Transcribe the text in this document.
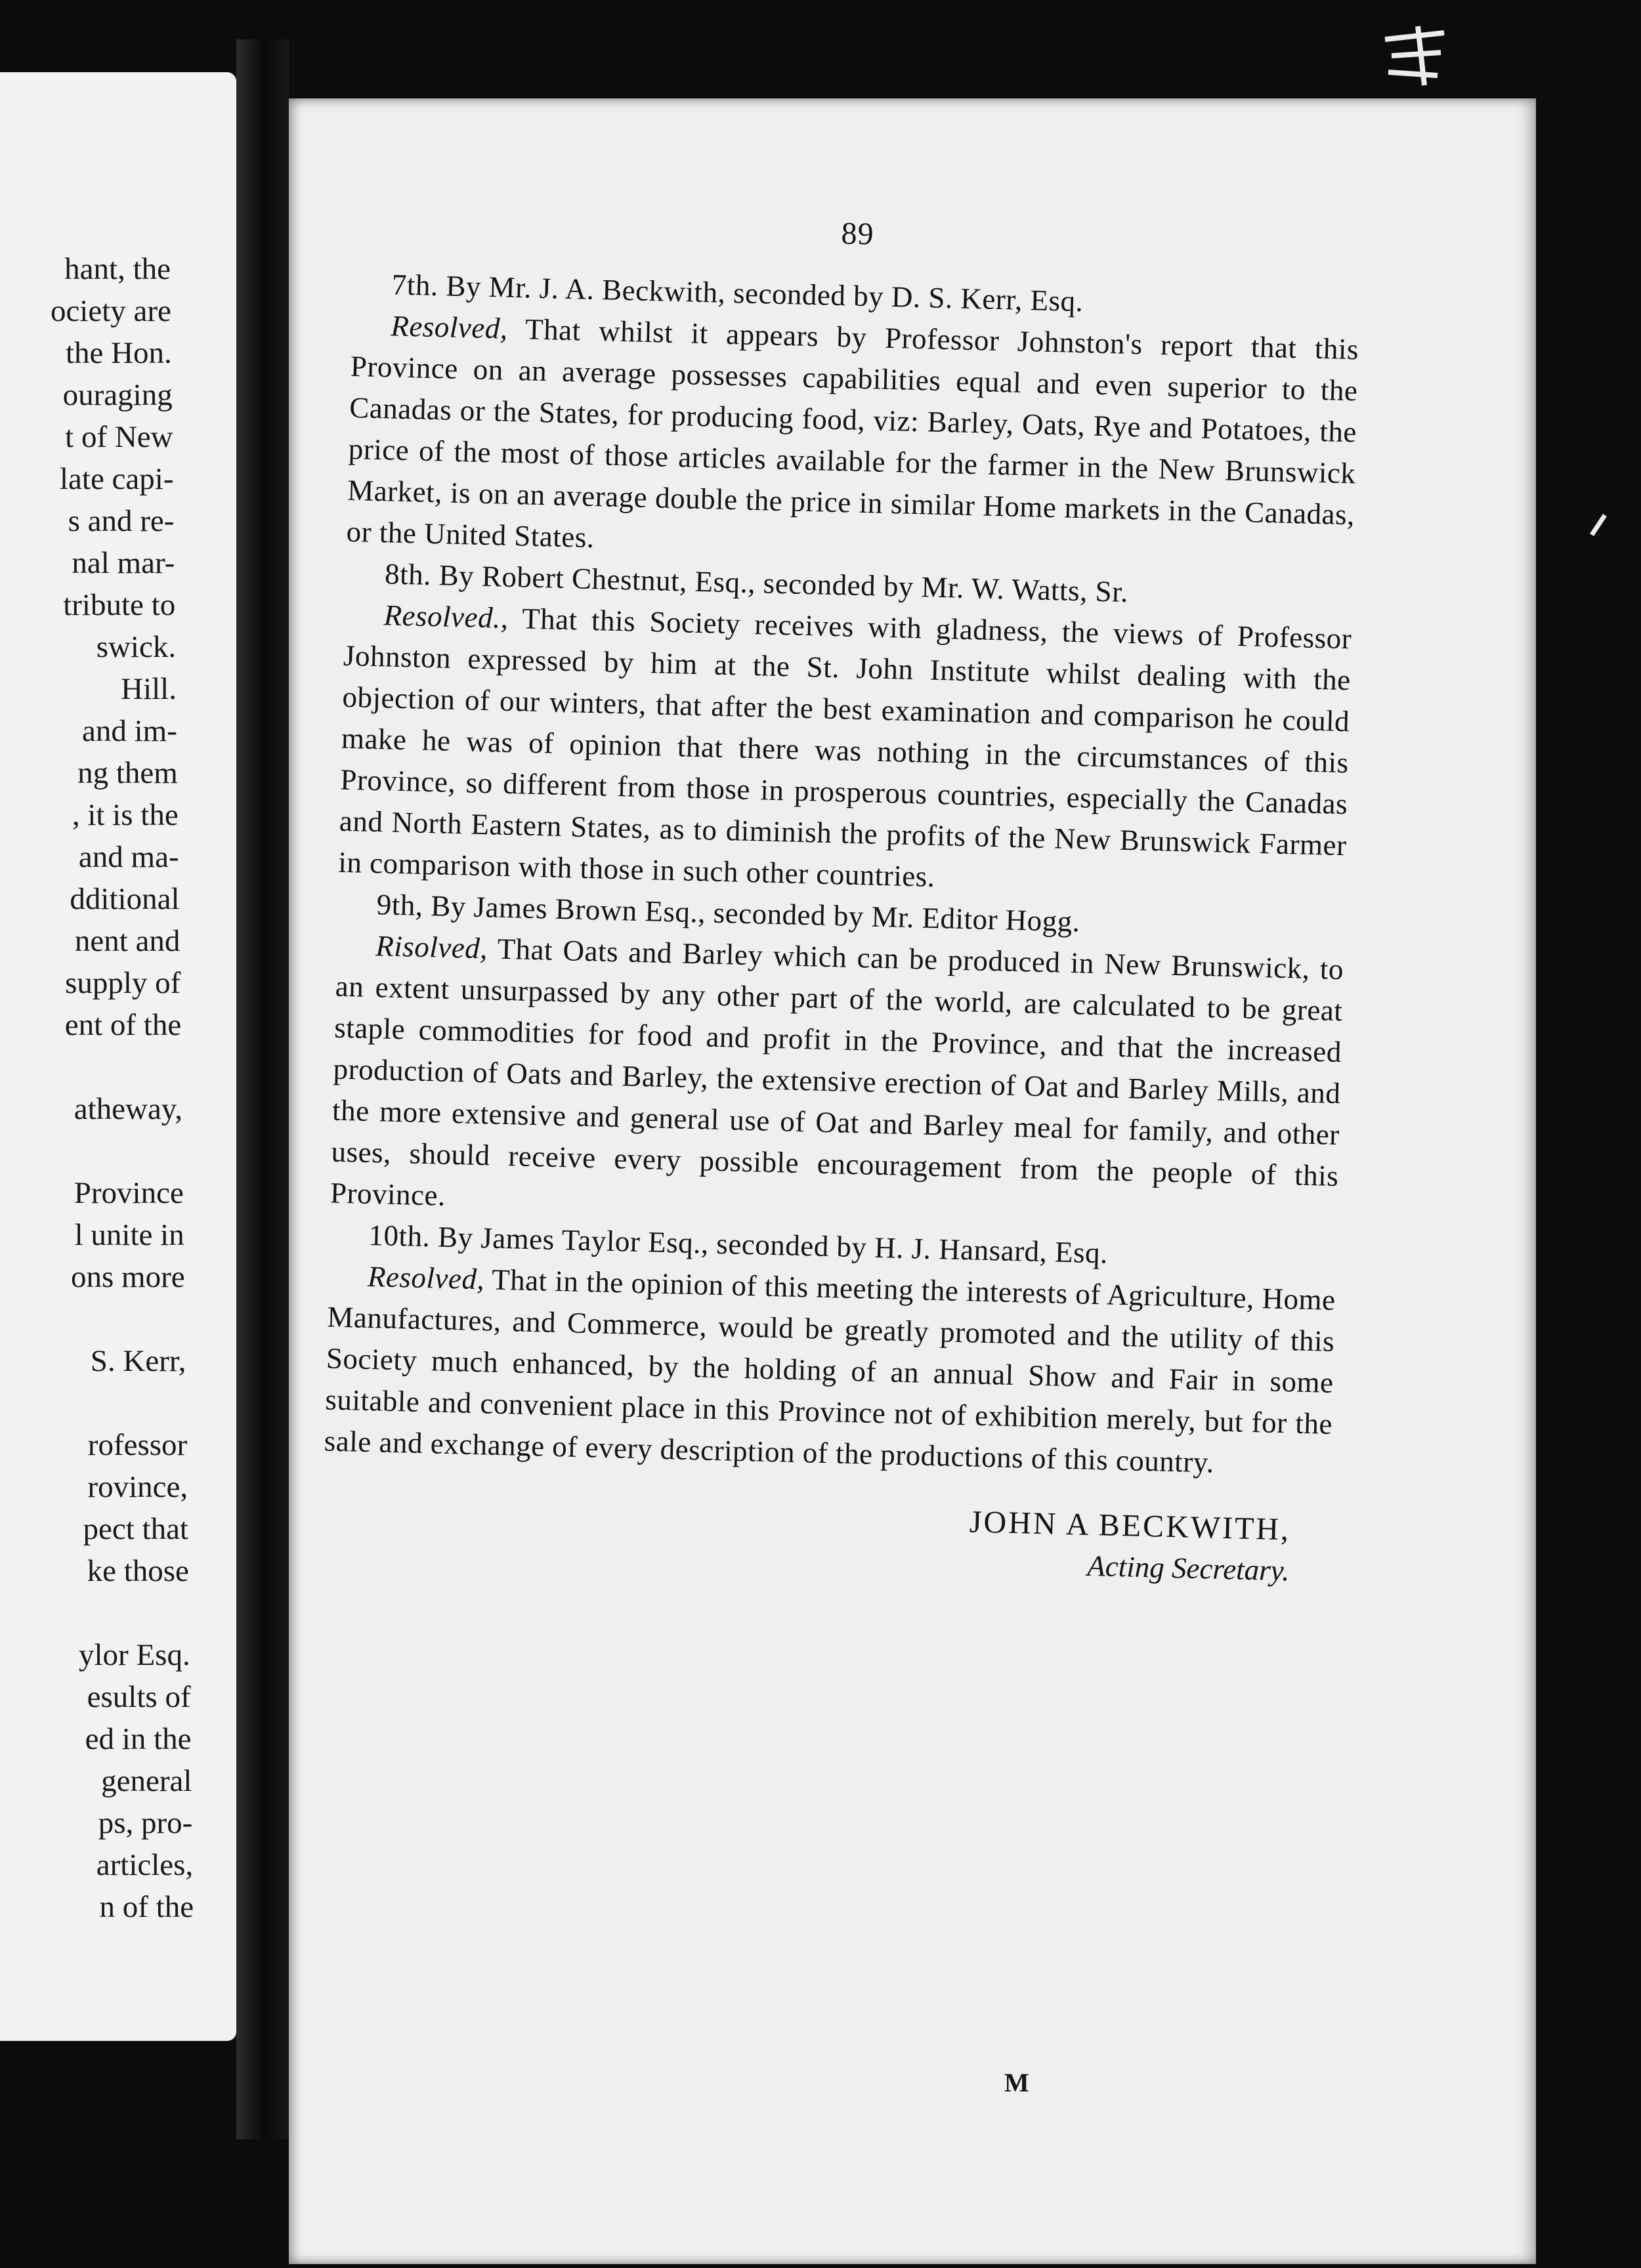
hant, the
ociety are
the Hon.
ouraging
t of New
late capi-
s and re-
nal mar-
tribute to
swick.
Hill.
and im-
ng them
, it is the
and ma-
dditional
nent and
supply of
ent of the
atheway,
Province
l unite in
ons more
S. Kerr,
rofessor
rovince,
pect that
ke those
ylor Esq.
esults of
ed in the
general
ps, pro-
articles,
n of the
89

7th. By Mr. J. A. Beckwith, seconded by D. S. Kerr, Esq.

Resolved, That whilst it appears by Professor Johnston's report that this Province on an average possesses capabilities equal and even superior to the Canadas or the States, for producing food, viz: Barley, Oats, Rye and Potatoes, the price of the most of those articles available for the farmer in the New Brunswick Market, is on an average double the price in similar Home markets in the Canadas, or the United States.

8th. By Robert Chestnut, Esq., seconded by Mr. W. Watts, Sr.

Resolved., That this Society receives with gladness, the views of Professor Johnston expressed by him at the St. John Institute whilst dealing with the objection of our winters, that after the best examination and comparison he could make he was of opinion that there was nothing in the circumstances of this Province, so different from those in prosperous countries, especially the Canadas and North Eastern States, as to diminish the profits of the New Brunswick Farmer in comparison with those in such other countries.

9th, By James Brown Esq., seconded by Mr. Editor Hogg.

Risolved, That Oats and Barley which can be produced in New Brunswick, to an extent unsurpassed by any other part of the world, are calculated to be great staple commodities for food and profit in the Province, and that the increased production of Oats and Barley, the extensive erection of Oat and Barley Mills, and the more extensive and general use of Oat and Barley meal for family, and other uses, should receive every possible encouragement from the people of this Province.

10th. By James Taylor Esq., seconded by H. J. Hansard, Esq.

Resolved, That in the opinion of this meeting the interests of Agriculture, Home Manufactures, and Commerce, would be greatly promoted and the utility of this Society much enhanced, by the holding of an annual Show and Fair in some suitable and convenient place in this Province not of exhibition merely, but for the sale and exchange of every description of the productions of this country.

JOHN A BECKWITH,
Acting Secretary.
M
